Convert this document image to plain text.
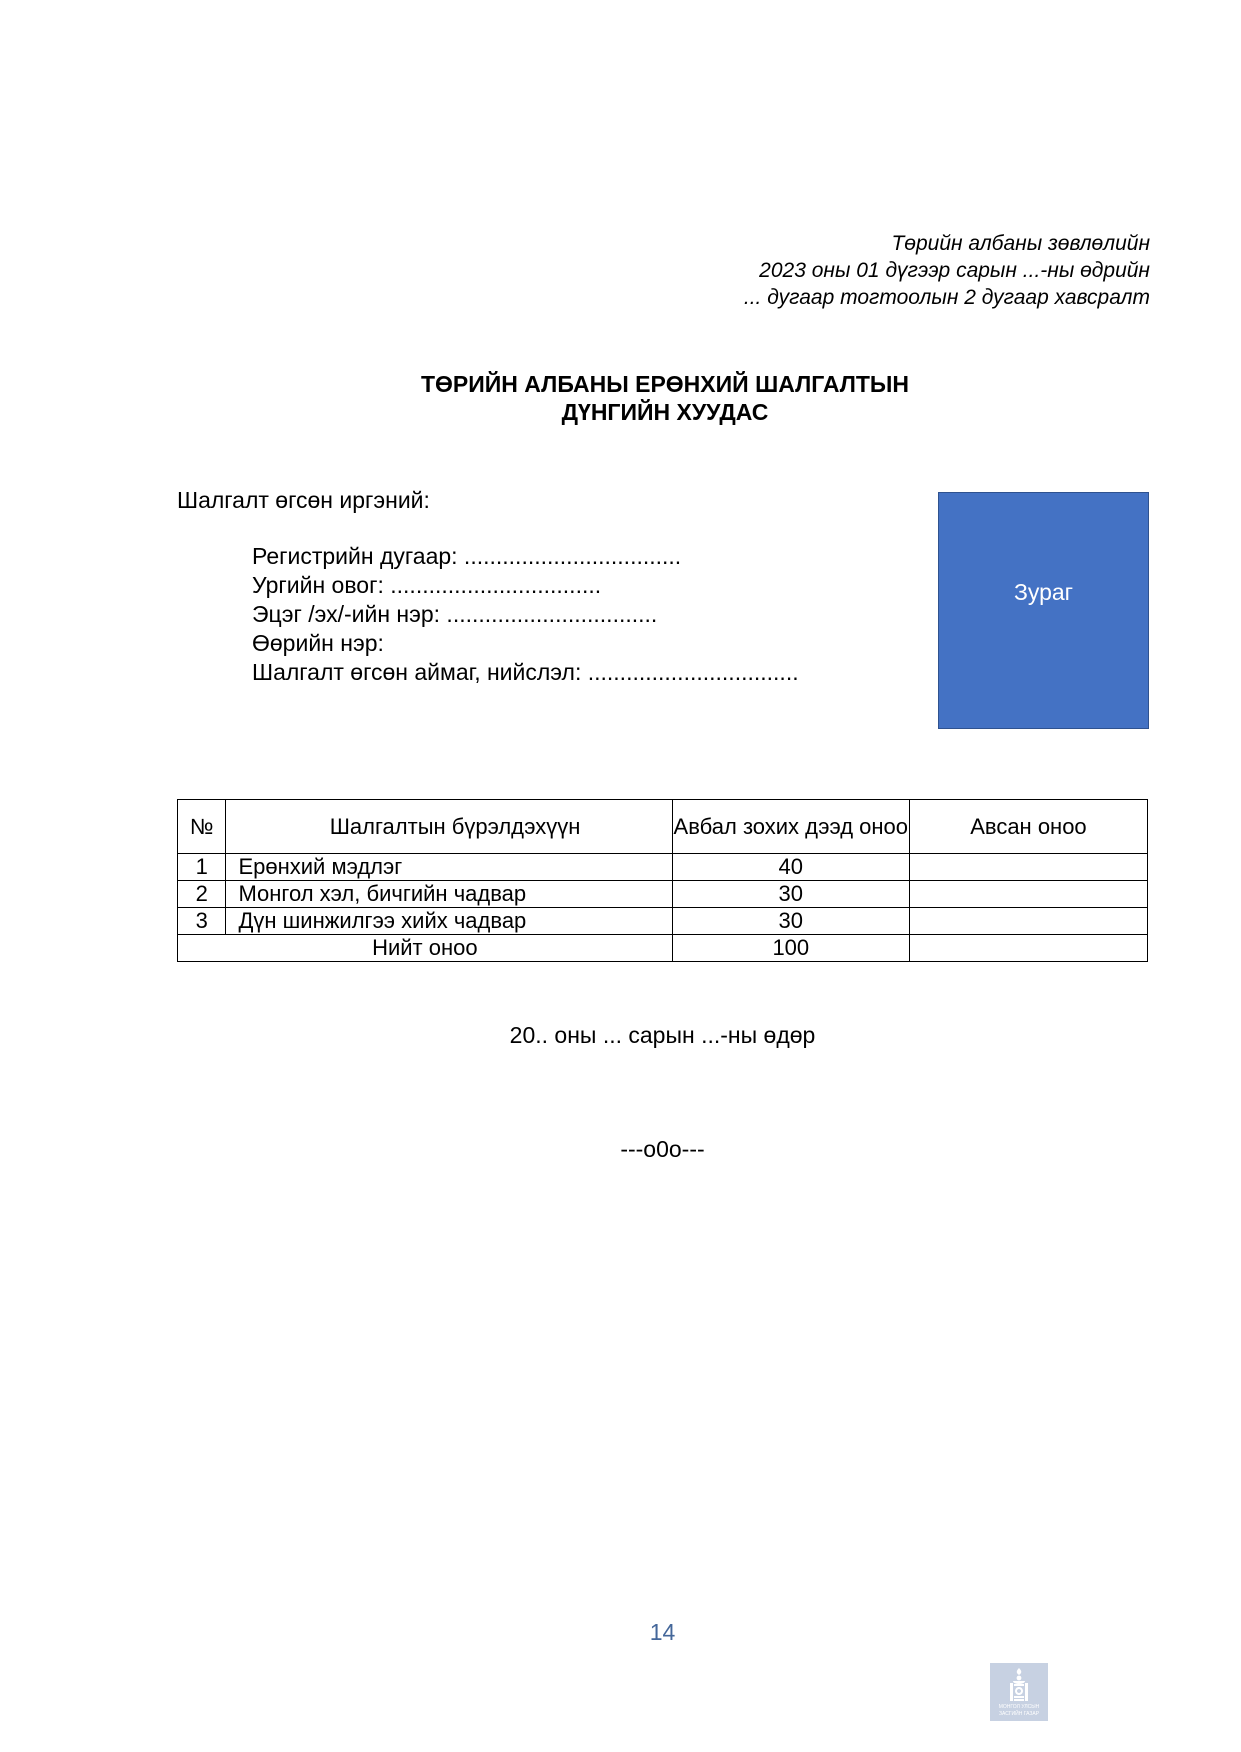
Төрийн албаны зөвлөлийн
2023 оны 01 дүгээр сарын ...-ны өдрийн
... дугаар тогтоолын 2 дугаар хавсралт
ТӨРИЙН АЛБАНЫ ЕРӨНХИЙ ШАЛГАЛТЫН
ДҮНГИЙН ХУУДАС
Шалгалт өгсөн иргэний:
Регистрийн дугаар: ..................................
Ургийн овог: .................................
Эцэг /эх/-ийн нэр: .................................
Өөрийн нэр:
Шалгалт өгсөн аймаг, нийслэл: .................................
Зураг
№	Шалгалтын бүрэлдэхүүн	Авбал зохих дээд оноо	Авсан оноо
1	Ерөнхий мэдлэг	40	
2	Монгол хэл, бичгийн чадвар	30	
3	Дүн шинжилгээ хийх чадвар	30	
Нийт оноо		100	
20.. оны ... сарын ...-ны өдөр
---o0o---
14
МОНГОЛ УЛСЫН
ЗАСГИЙН ГАЗАР
